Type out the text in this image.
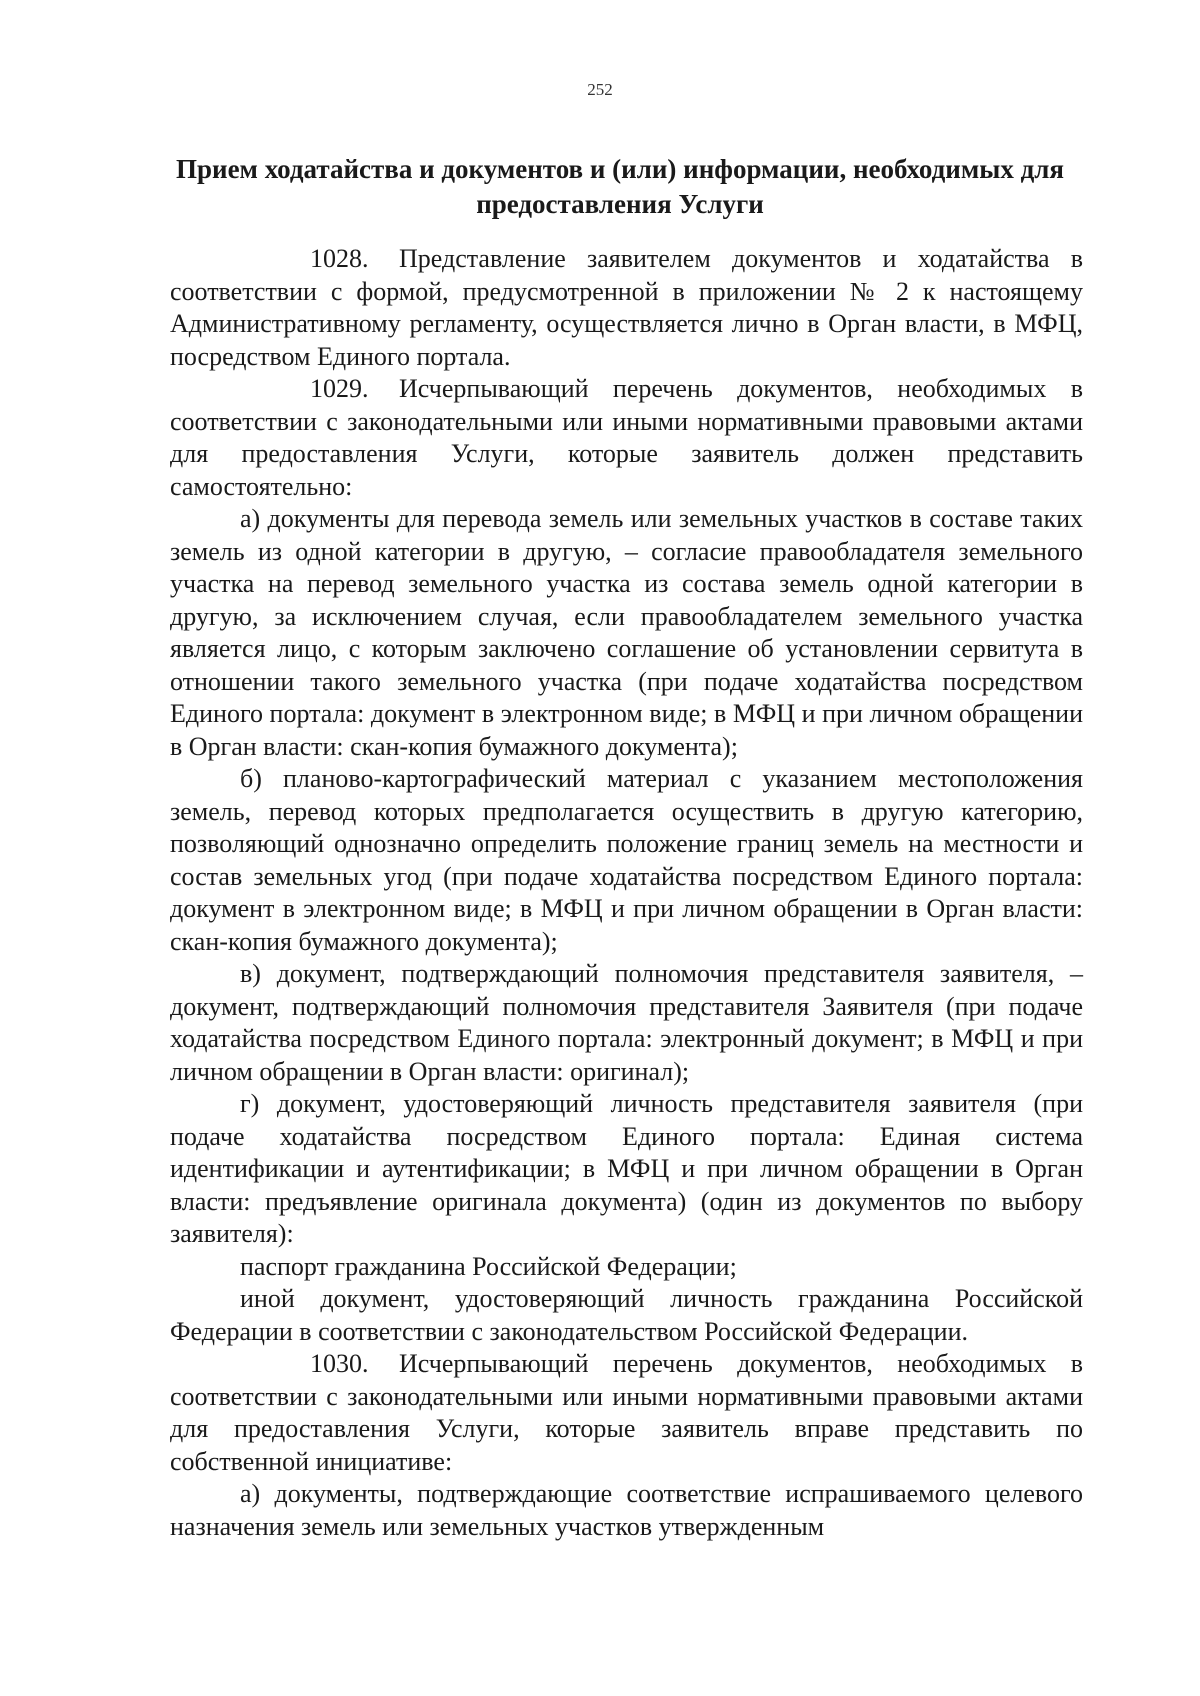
252
Прием ходатайства и документов и (или) информации, необходимых для предоставления Услуги

1028. Представление заявителем документов и ходатайства в соответствии с формой, предусмотренной в приложении № 2 к настоящему Административному регламенту, осуществляется лично в Орган власти, в МФЦ, посредством Единого портала.

1029. Исчерпывающий перечень документов, необходимых в соответствии с законодательными или иными нормативными правовыми актами для предоставления Услуги, которые заявитель должен представить самостоятельно:

а) документы для перевода земель или земельных участков в составе таких земель из одной категории в другую, – согласие правообладателя земельного участка на перевод земельного участка из состава земель одной категории в другую, за исключением случая, если правообладателем земельного участка является лицо, с которым заключено соглашение об установлении сервитута в отношении такого земельного участка (при подаче ходатайства посредством Единого портала: документ в электронном виде; в МФЦ и при личном обращении в Орган власти: скан-копия бумажного документа);

б) планово-картографический материал с указанием местоположения земель, перевод которых предполагается осуществить в другую категорию, позволяющий однозначно определить положение границ земель на местности и состав земельных угод (при подаче ходатайства посредством Единого портала: документ в электронном виде; в МФЦ и при личном обращении в Орган власти: скан-копия бумажного документа);

в) документ, подтверждающий полномочия представителя заявителя, – документ, подтверждающий полномочия представителя Заявителя (при подаче ходатайства посредством Единого портала: электронный документ; в МФЦ и при личном обращении в Орган власти: оригинал);

г) документ, удостоверяющий личность представителя заявителя (при подаче ходатайства посредством Единого портала: Единая система идентификации и аутентификации; в МФЦ и при личном обращении в Орган власти: предъявление оригинала документа) (один из документов по выбору заявителя):

паспорт гражданина Российской Федерации;

иной документ, удостоверяющий личность гражданина Российской Федерации в соответствии с законодательством Российской Федерации.

1030. Исчерпывающий перечень документов, необходимых в соответствии с законодательными или иными нормативными правовыми актами для предоставления Услуги, которые заявитель вправе представить по собственной инициативе:

а) документы, подтверждающие соответствие испрашиваемого целевого назначения земель или земельных участков утвержденным
